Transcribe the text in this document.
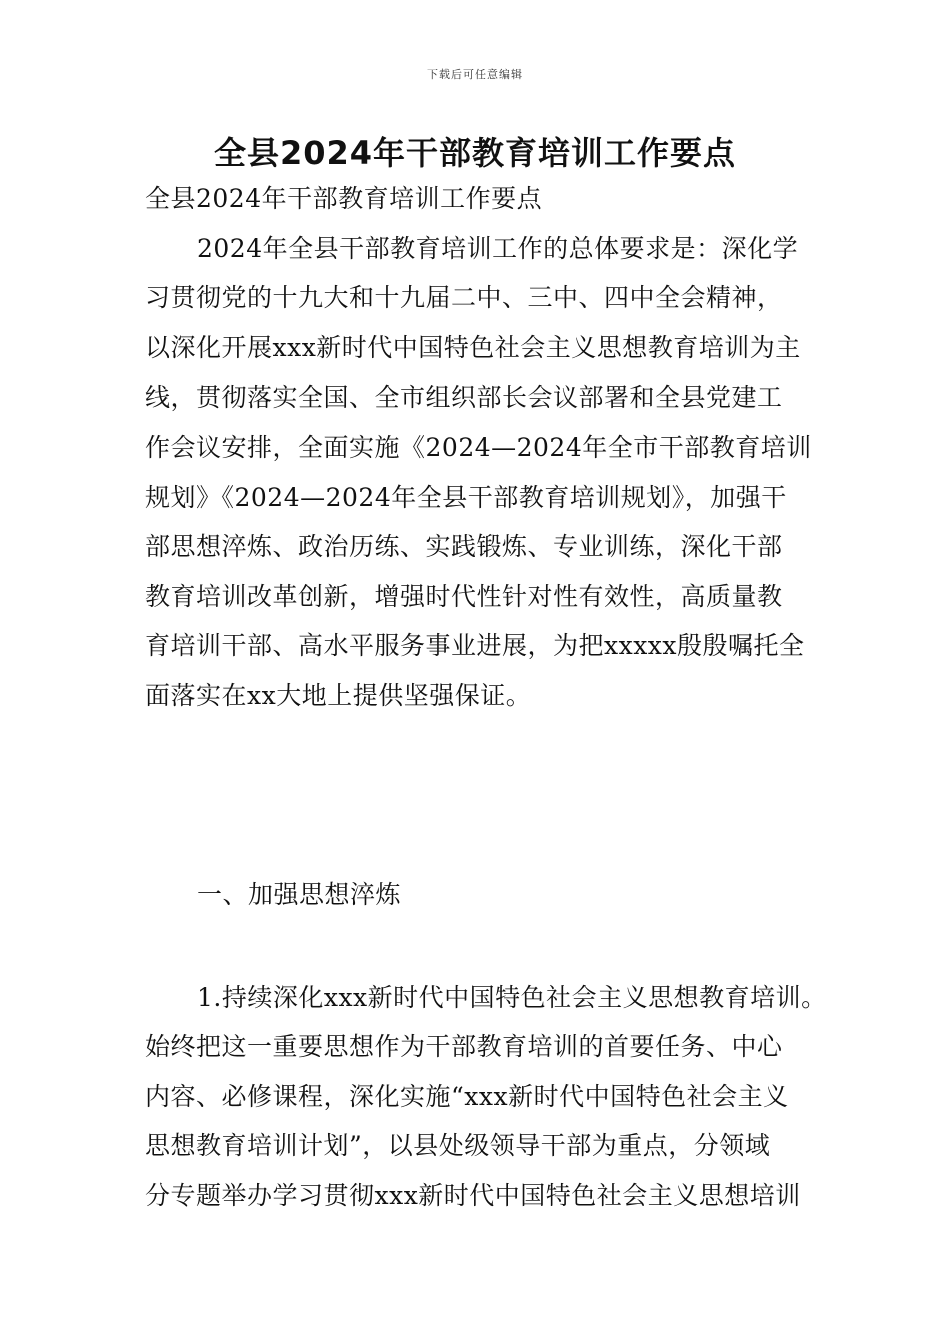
下载后可任意编辑
全县2024年干部教育培训工作要点
全县2024年干部教育培训工作要点
2024年全县干部教育培训工作的总体要求是：深化学
习贯彻党的十九大和十九届二中、三中、四中全会精神，
以深化开展xxx新时代中国特色社会主义思想教育培训为主
线，贯彻落实全国、全市组织部长会议部署和全县党建工
作会议安排，全面实施《2024—2024年全市干部教育培训
规划》《2024—2024年全县干部教育培训规划》，加强干
部思想淬炼、政治历练、实践锻炼、专业训练，深化干部
教育培训改革创新，增强时代性针对性有效性，高质量教
育培训干部、高水平服务事业进展，为把xxxxx殷殷嘱托全
面落实在xx大地上提供坚强保证。
一、加强思想淬炼
1.持续深化xxx新时代中国特色社会主义思想教育培训。
始终把这一重要思想作为干部教育培训的首要任务、中心
内容、必修课程，深化实施“xxx新时代中国特色社会主义
思想教育培训计划”，以县处级领导干部为重点，分领域
分专题举办学习贯彻xxx新时代中国特色社会主义思想培训
